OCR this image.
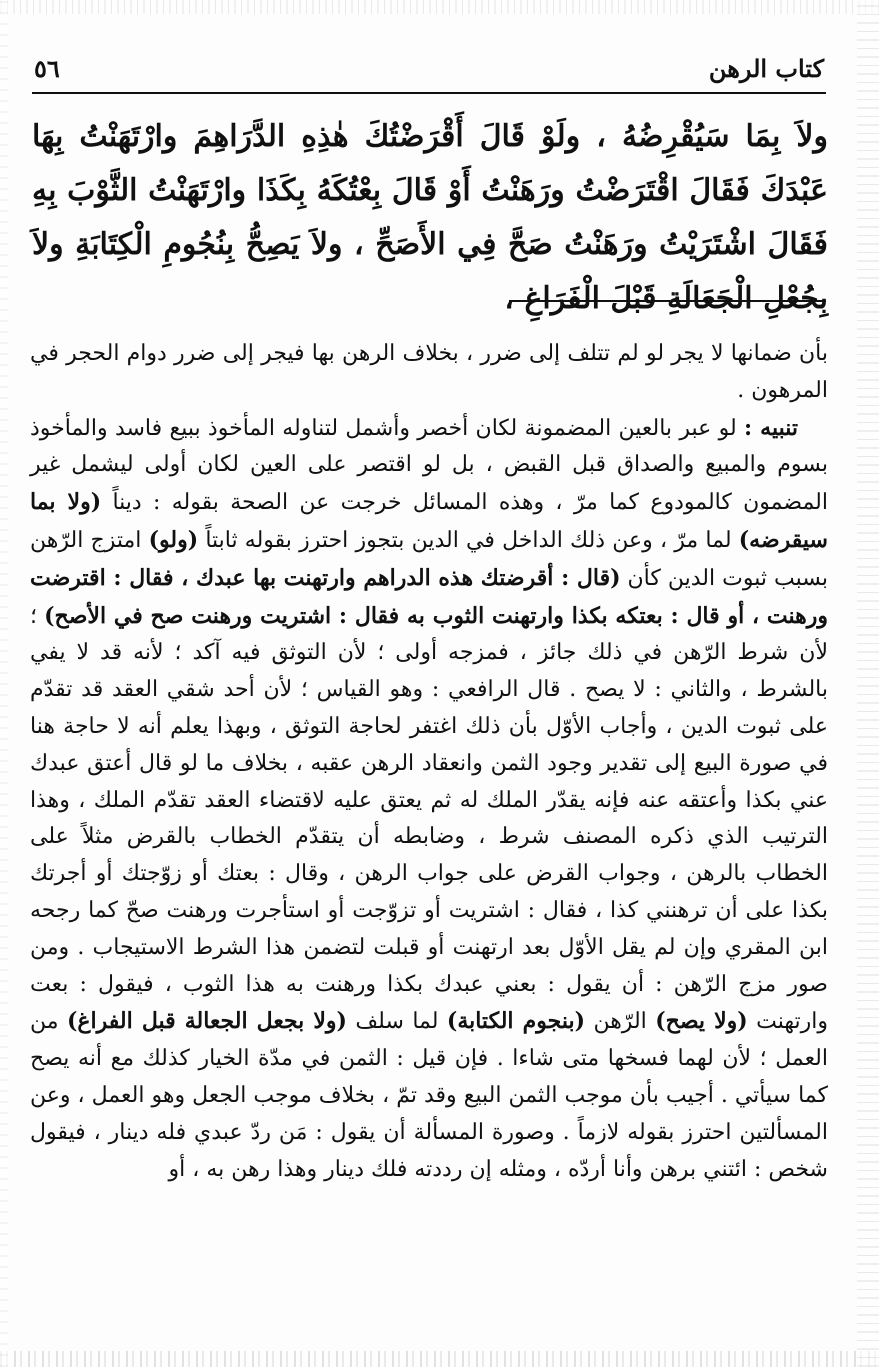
كتاب الرهن
٥٦

ولاَ بِمَا سَيُقْرِضُهُ ، ولَوْ قَالَ أَقْرَضْتُكَ هٰذِهِ الدَّرَاهِمَ وارْتَهَنْتُ بِهَا عَبْدَكَ فَقَالَ اقْتَرَضْتُ ورَهَنْتُ أَوْ قَالَ بِعْتُكَهُ بِكَذَا وارْتَهَنْتُ الثَّوْبَ بِهِ فَقَالَ اشْتَرَيْتُ ورَهَنْتُ صَحَّ فِي الأَصَحِّ ، ولاَ يَصِحُّ بِنُجُومِ الْكِتَابَةِ ولاَ بِجُعْلِ الْجَعَالَةِ قَبْلَ الْفَرَاغِ ،

بأن ضمانها لا يجر لو لم تتلف إلى ضرر ، بخلاف الرهن بها فيجر إلى ضرر دوام الحجر في المرهون .

تنبيه : لو عبر بالعين المضمونة لكان أخصر وأشمل لتناوله المأخوذ ببيع فاسد والمأخوذ بسوم والمبيع والصداق قبل القبض ، بل لو اقتصر على العين لكان أولى ليشمل غير المضمون كالمودوع كما مرّ ، وهذه المسائل خرجت عن الصحة بقوله : ديناً (ولا بما سيقرضه) لما مرّ ، وعن ذلك الداخل في الدين بتجوز احترز بقوله ثابتاً (ولو) امتزج الرّهن بسبب ثبوت الدين كأن (قال : أقرضتك هذه الدراهم وارتهنت بها عبدك ، فقال : اقترضت ورهنت ، أو قال : بعتكه بكذا وارتهنت الثوب به فقال : اشتريت ورهنت صح في الأصح) ؛ لأن شرط الرّهن في ذلك جائز ، فمزجه أولى ؛ لأن التوثق فيه آكد ؛ لأنه قد لا يفي بالشرط ، والثاني : لا يصح . قال الرافعي : وهو القياس ؛ لأن أحد شقي العقد قد تقدّم على ثبوت الدين ، وأجاب الأوّل بأن ذلك اغتفر لحاجة التوثق ، وبهذا يعلم أنه لا حاجة هنا في صورة البيع إلى تقدير وجود الثمن وانعقاد الرهن عقبه ، بخلاف ما لو قال أعتق عبدك عني بكذا وأعتقه عنه فإنه يقدّر الملك له ثم يعتق عليه لاقتضاء العقد تقدّم الملك ، وهذا الترتيب الذي ذكره المصنف شرط ، وضابطه أن يتقدّم الخطاب بالقرض مثلاً على الخطاب بالرهن ، وجواب القرض على جواب الرهن ، وقال : بعتك أو زوّجتك أو أجرتك بكذا على أن ترهنني كذا ، فقال : اشتريت أو تزوّجت أو استأجرت ورهنت صحّ كما رجحه ابن المقري وإن لم يقل الأوّل بعد ارتهنت أو قبلت لتضمن هذا الشرط الاستيجاب . ومن صور مزج الرّهن : أن يقول : بعني عبدك بكذا ورهنت به هذا الثوب ، فيقول : بعت وارتهنت (ولا يصح) الرّهن (بنجوم الكتابة) لما سلف (ولا بجعل الجعالة قبل الفراغ) من العمل ؛ لأن لهما فسخها متى شاءا . فإن قيل : الثمن في مدّة الخيار كذلك مع أنه يصح كما سيأتي . أجيب بأن موجب الثمن البيع وقد تمّ ، بخلاف موجب الجعل وهو العمل ، وعن المسألتين احترز بقوله لازماً . وصورة المسألة أن يقول : مَن ردّ عبدي فله دينار ، فيقول شخص : ائتني برهن وأنا أردّه ، ومثله إن رددته فلك دينار وهذا رهن به ، أو
